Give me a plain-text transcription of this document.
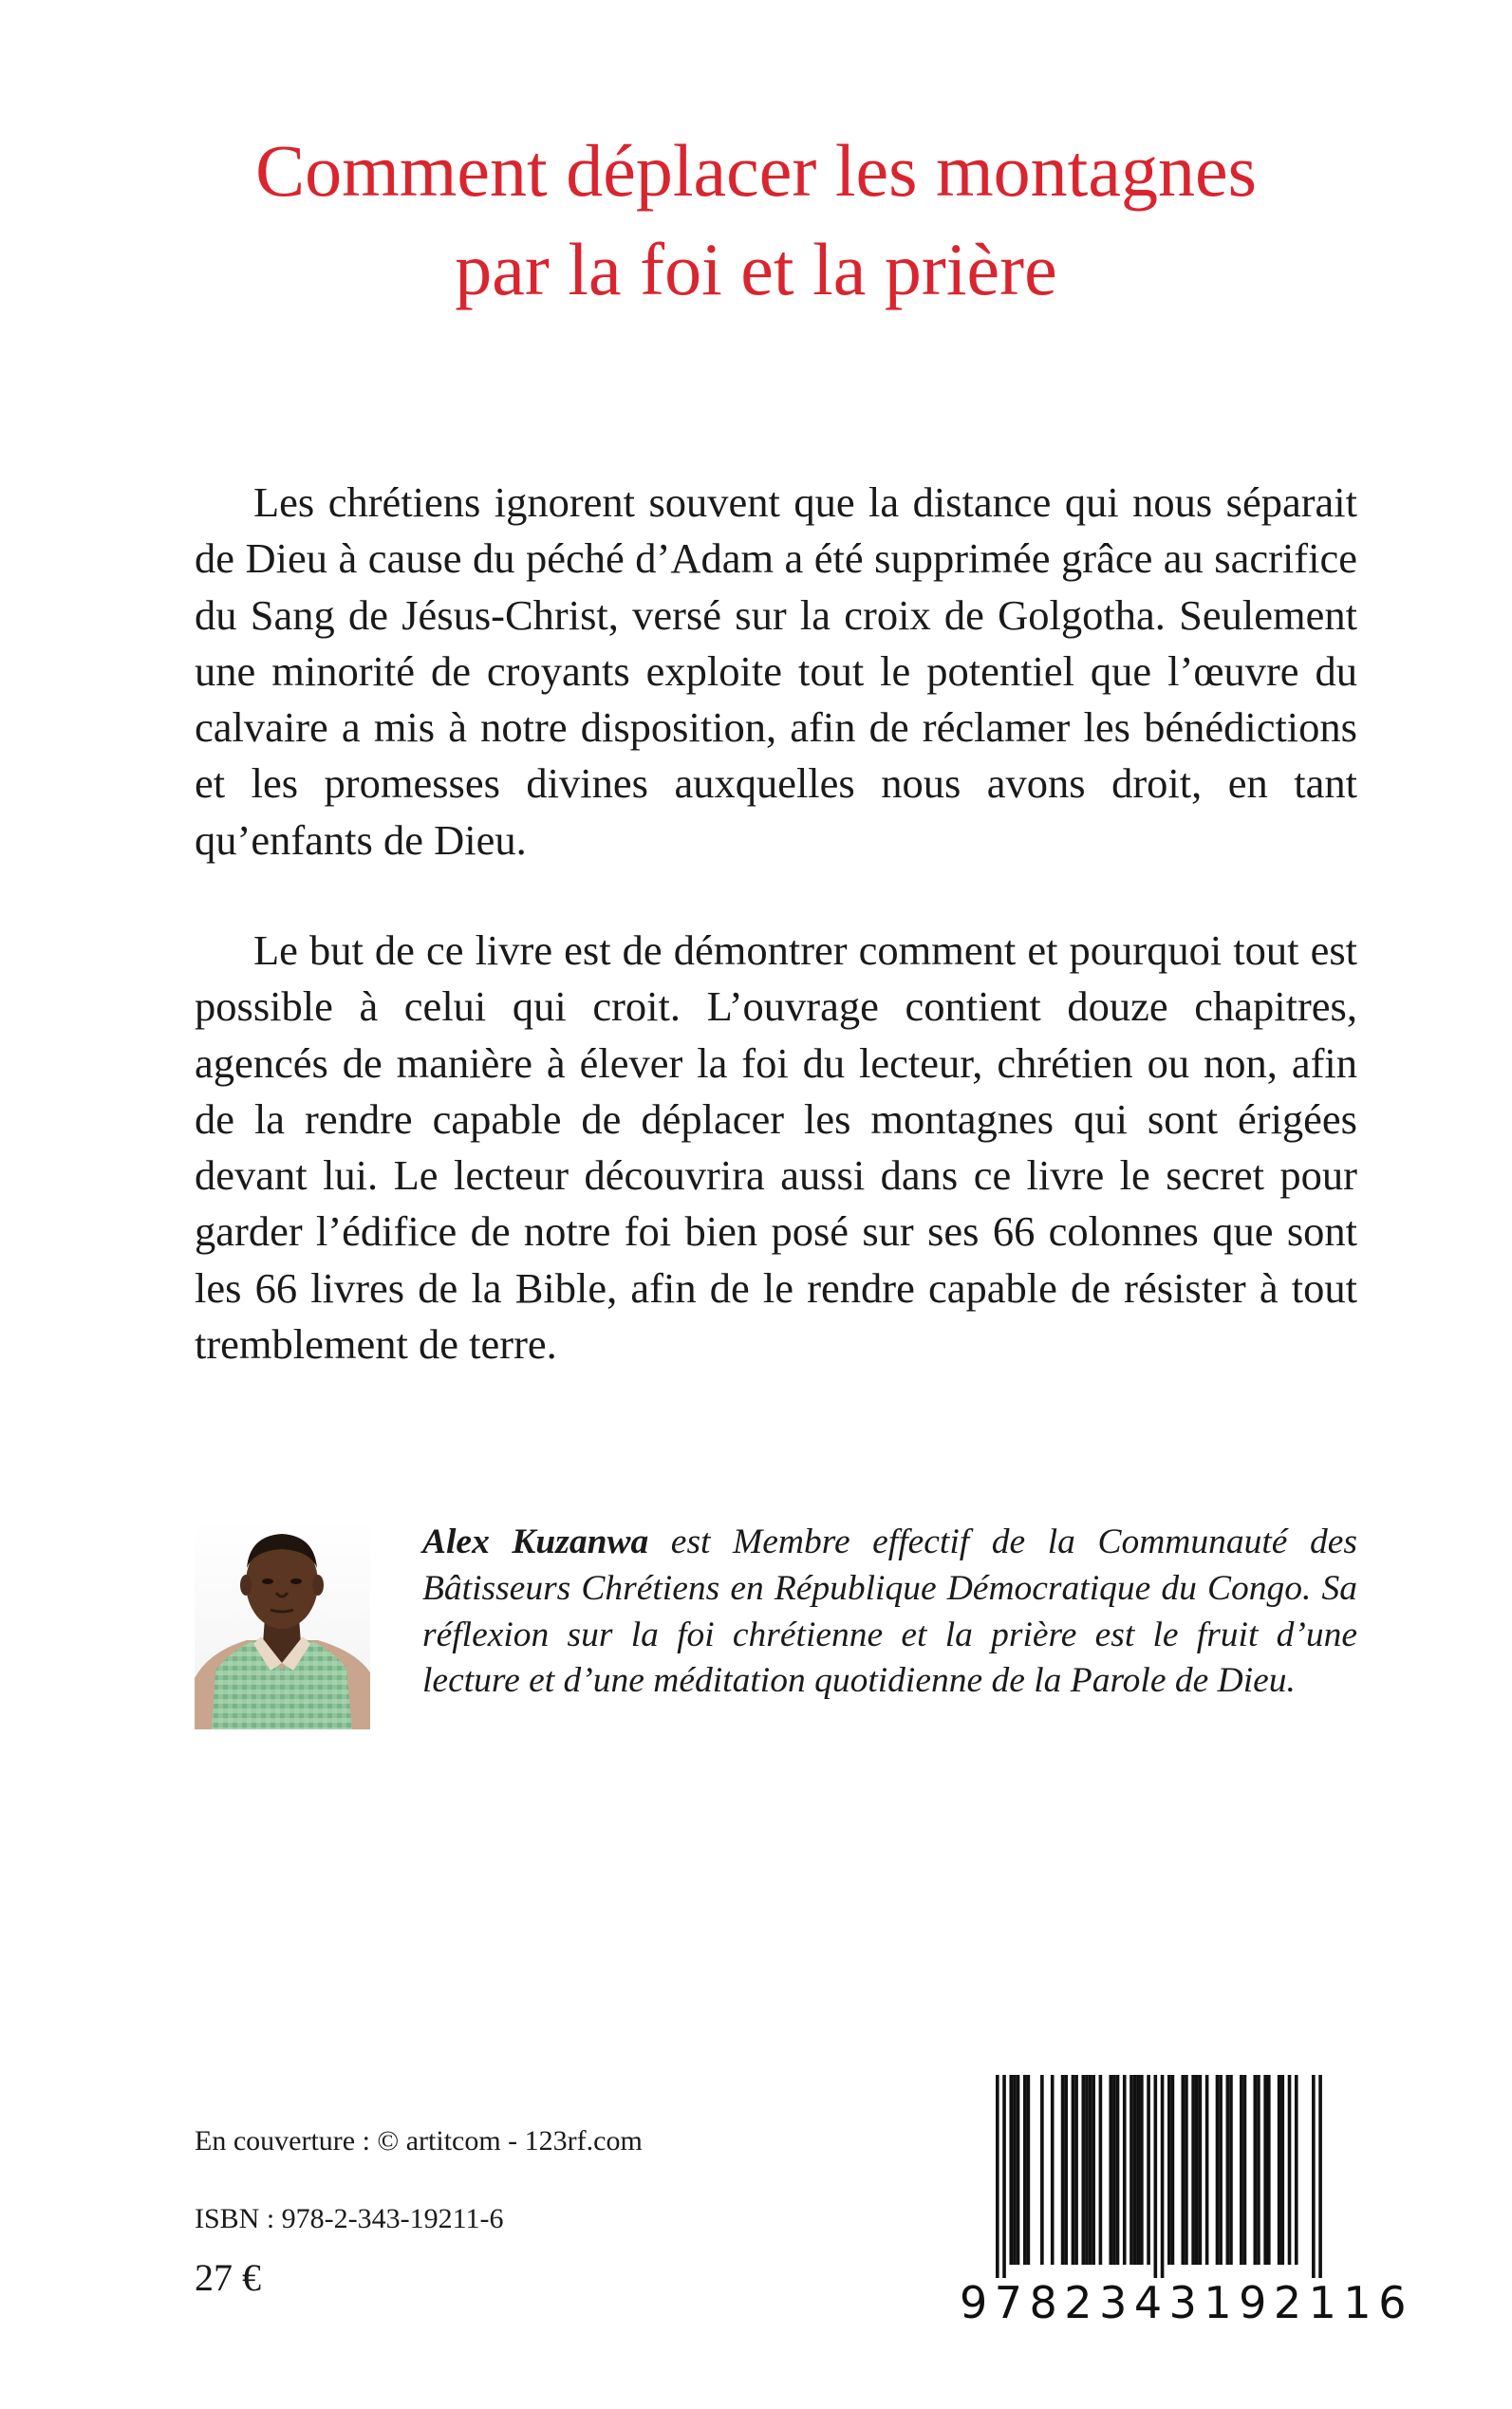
Comment déplacer les montagnes
par la foi et la prière

Les chrétiens ignorent souvent que la distance qui nous séparait de Dieu à cause du péché d’Adam a été supprimée grâce au sacrifice du Sang de Jésus-Christ, versé sur la croix de Golgotha. Seulement une minorité de croyants exploite tout le potentiel que l’œuvre du calvaire a mis à notre disposition, afin de réclamer les bénédictions et les promesses divines auxquelles nous avons droit, en tant qu’enfants de Dieu.

Le but de ce livre est de démontrer comment et pourquoi tout est possible à celui qui croit. L’ouvrage contient douze chapitres, agencés de manière à élever la foi du lecteur, chrétien ou non, afin de la rendre capable de déplacer les montagnes qui sont érigées devant lui. Le lecteur découvrira aussi dans ce livre le secret pour garder l’édifice de notre foi bien posé sur ses 66 colonnes que sont les 66 livres de la Bible, afin de le rendre capable de résister à tout tremblement de terre.

Alex Kuzanwa est Membre effectif de la Communauté des Bâtisseurs Chrétiens en République Démocratique du Congo. Sa réflexion sur la foi chrétienne et la prière est le fruit d’une lecture et d’une méditation quotidienne de la Parole de Dieu.

En couverture : © artitcom - 123rf.com

ISBN : 978-2-343-19211-6

27 €	9782343192116
